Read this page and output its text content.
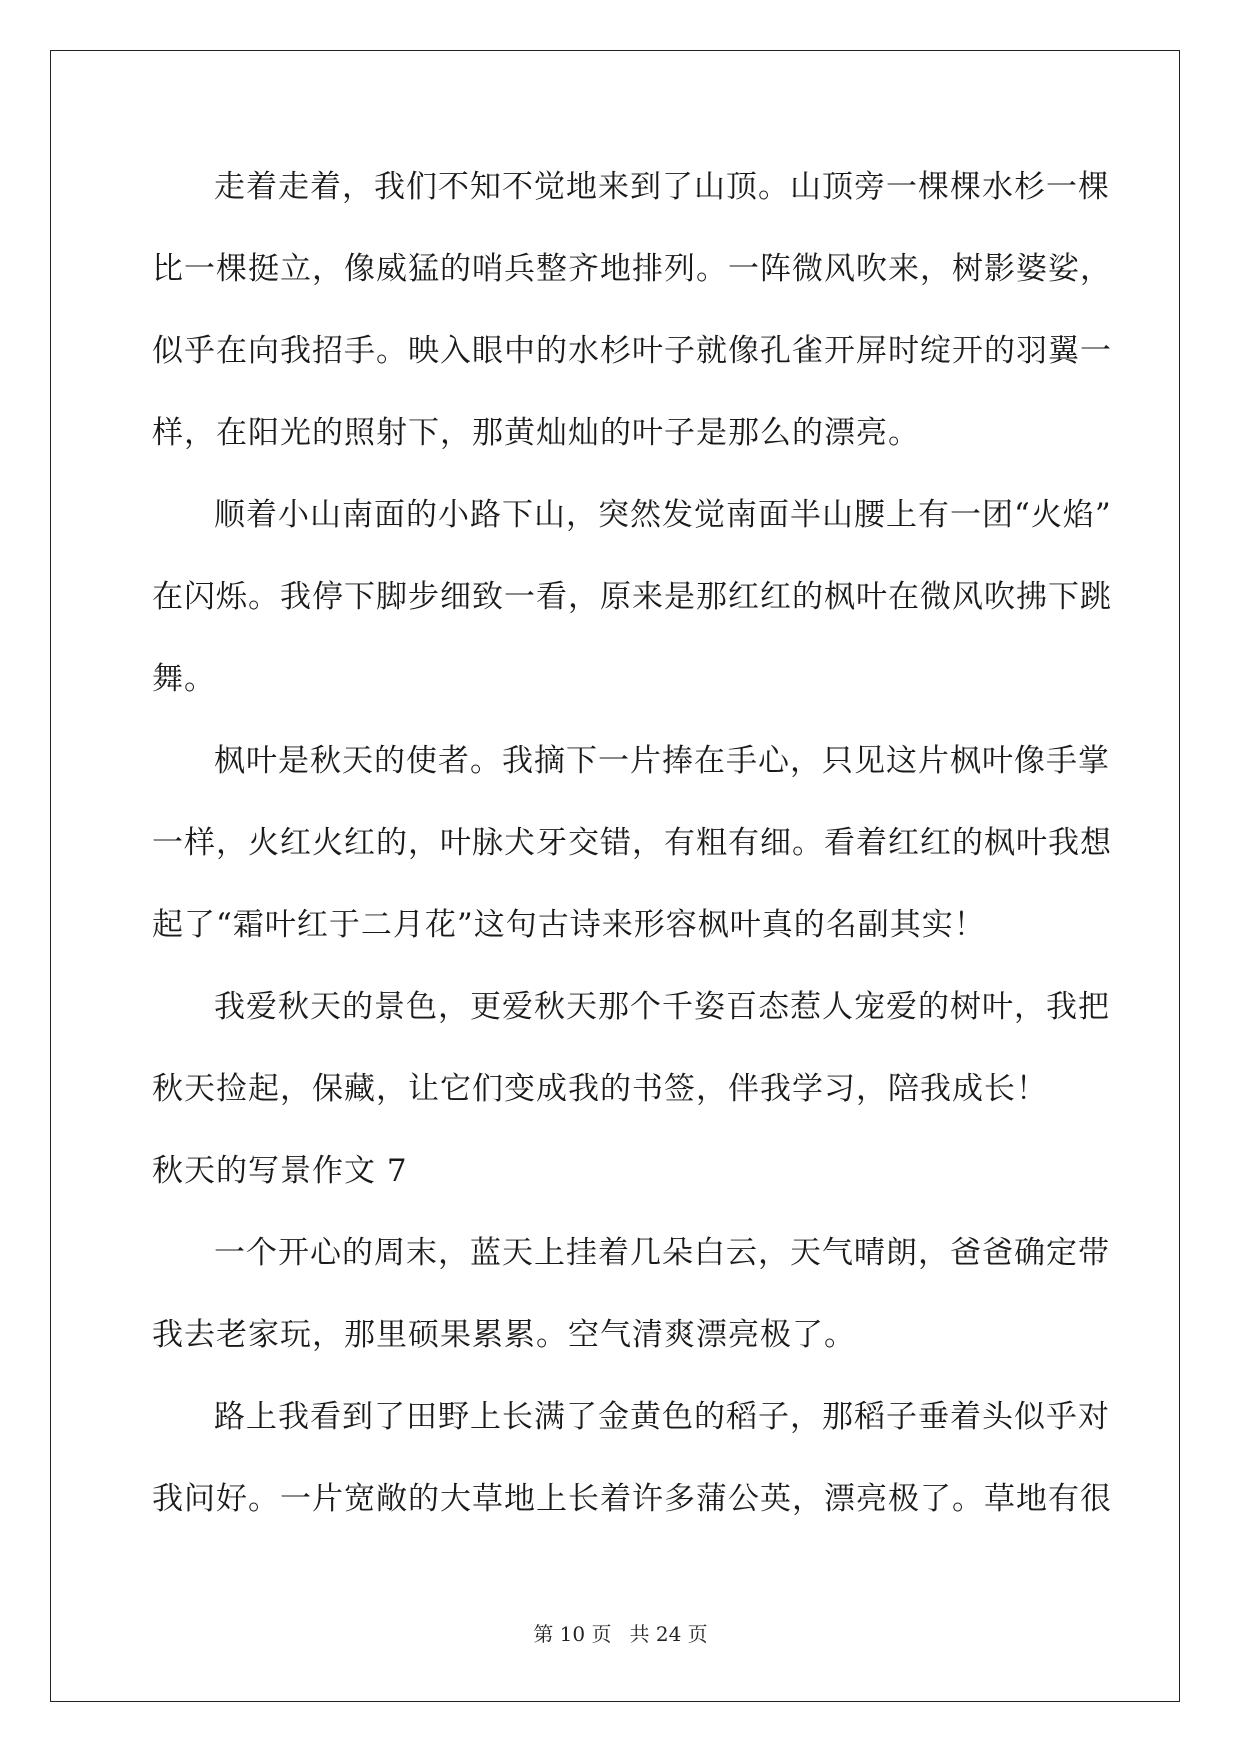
走着走着，我们不知不觉地来到了山顶。山顶旁一棵棵水杉一棵
比一棵挺立，像威猛的哨兵整齐地排列。一阵微风吹来，树影婆娑，
似乎在向我招手。映入眼中的水杉叶子就像孔雀开屏时绽开的羽翼一
样，在阳光的照射下，那黄灿灿的叶子是那么的漂亮。
顺着小山南面的小路下山，突然发觉南面半山腰上有一团“火焰”
在闪烁。我停下脚步细致一看，原来是那红红的枫叶在微风吹拂下跳
舞。
枫叶是秋天的使者。我摘下一片捧在手心，只见这片枫叶像手掌
一样，火红火红的，叶脉犬牙交错，有粗有细。看着红红的枫叶我想
起了“霜叶红于二月花”这句古诗来形容枫叶真的名副其实！
我爱秋天的景色，更爱秋天那个千姿百态惹人宠爱的树叶，我把
秋天捡起，保藏，让它们变成我的书签，伴我学习，陪我成长！
秋天的写景作文 7
一个开心的周末，蓝天上挂着几朵白云，天气晴朗，爸爸确定带
我去老家玩，那里硕果累累。空气清爽漂亮极了。
路上我看到了田野上长满了金黄色的稻子，那稻子垂着头似乎对
我问好。一片宽敞的大草地上长着许多蒲公英，漂亮极了。草地有很
第 10 页 共 24 页
